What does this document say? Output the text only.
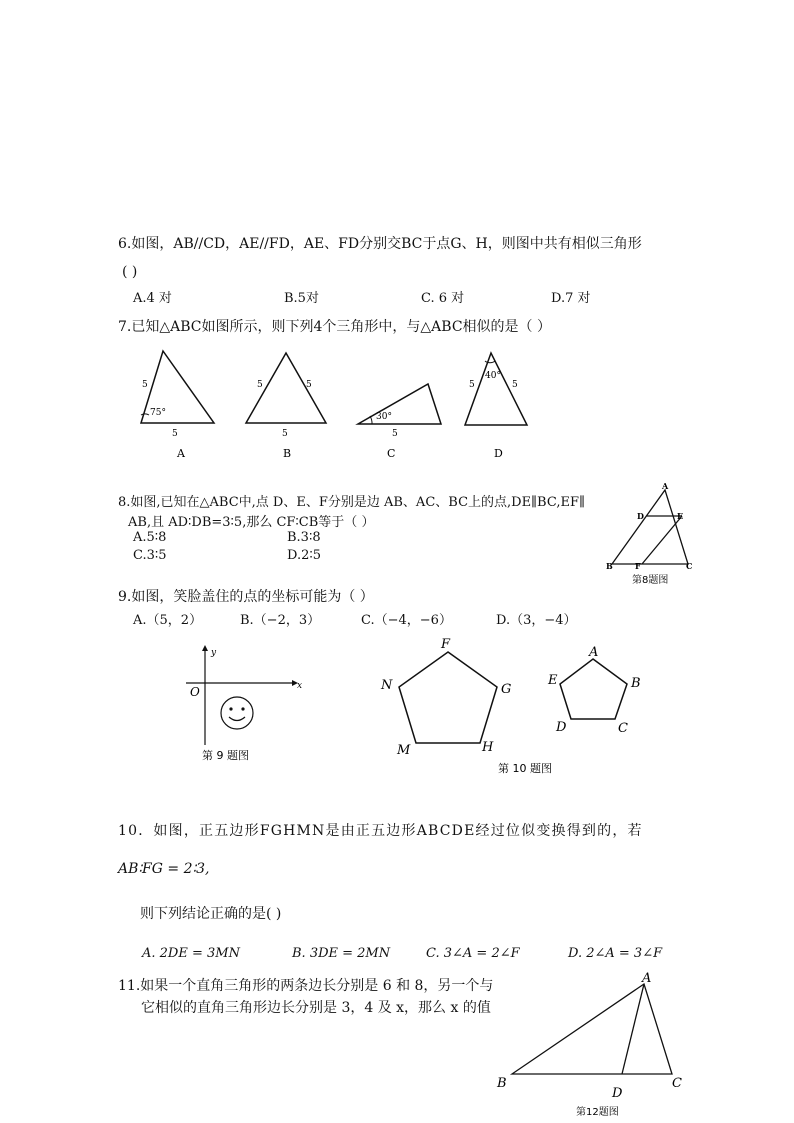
6.如图，AB//CD，AE//FD，AE、FD分别交BC于点G、H，则图中共有相似三角形
( )
A.4 对	B.5对	C. 6 对	D.7 对
7.已知△ABC如图所示，则下列4个三角形中，与△ABC相似的是（ ）
5
5
75°
A
5	5
5
B
30°
5
C
40°
5	5
D
8.如图,已知在△ABC中,点 D、E、F分别是边 AB、AC、BC上的点,DE∥BC,EF∥
AB,且 AD∶DB=3∶5,那么 CF∶CB等于（ ）
A.5∶8	B.3∶8
C.3∶5	D.2∶5
A
D	E
B	F	C
第8题图
9.如图，笑脸盖住的点的坐标可能为（ ）
A.（5，2）	B.（−2，3）	C.（−4，−6）	D.（3，−4）
y
x
O
第 9 题图
F
N	G
M	H
A
E	B
D	C
第 10 题图
10．如图，正五边形FGHMN是由正五边形ABCDE经过位似变换得到的，若
AB∶FG = 2∶3,
则下列结论正确的是( )
A. 2DE = 3MN	B. 3DE = 2MN	C. 3∠A = 2∠F	D. 2∠A = 3∠F
11.如果一个直角三角形的两条边长分别是 6 和 8，另一个与
它相似的直角三角形边长分别是 3，4 及 x，那么 x 的值
A
B
D
C
第12题图
